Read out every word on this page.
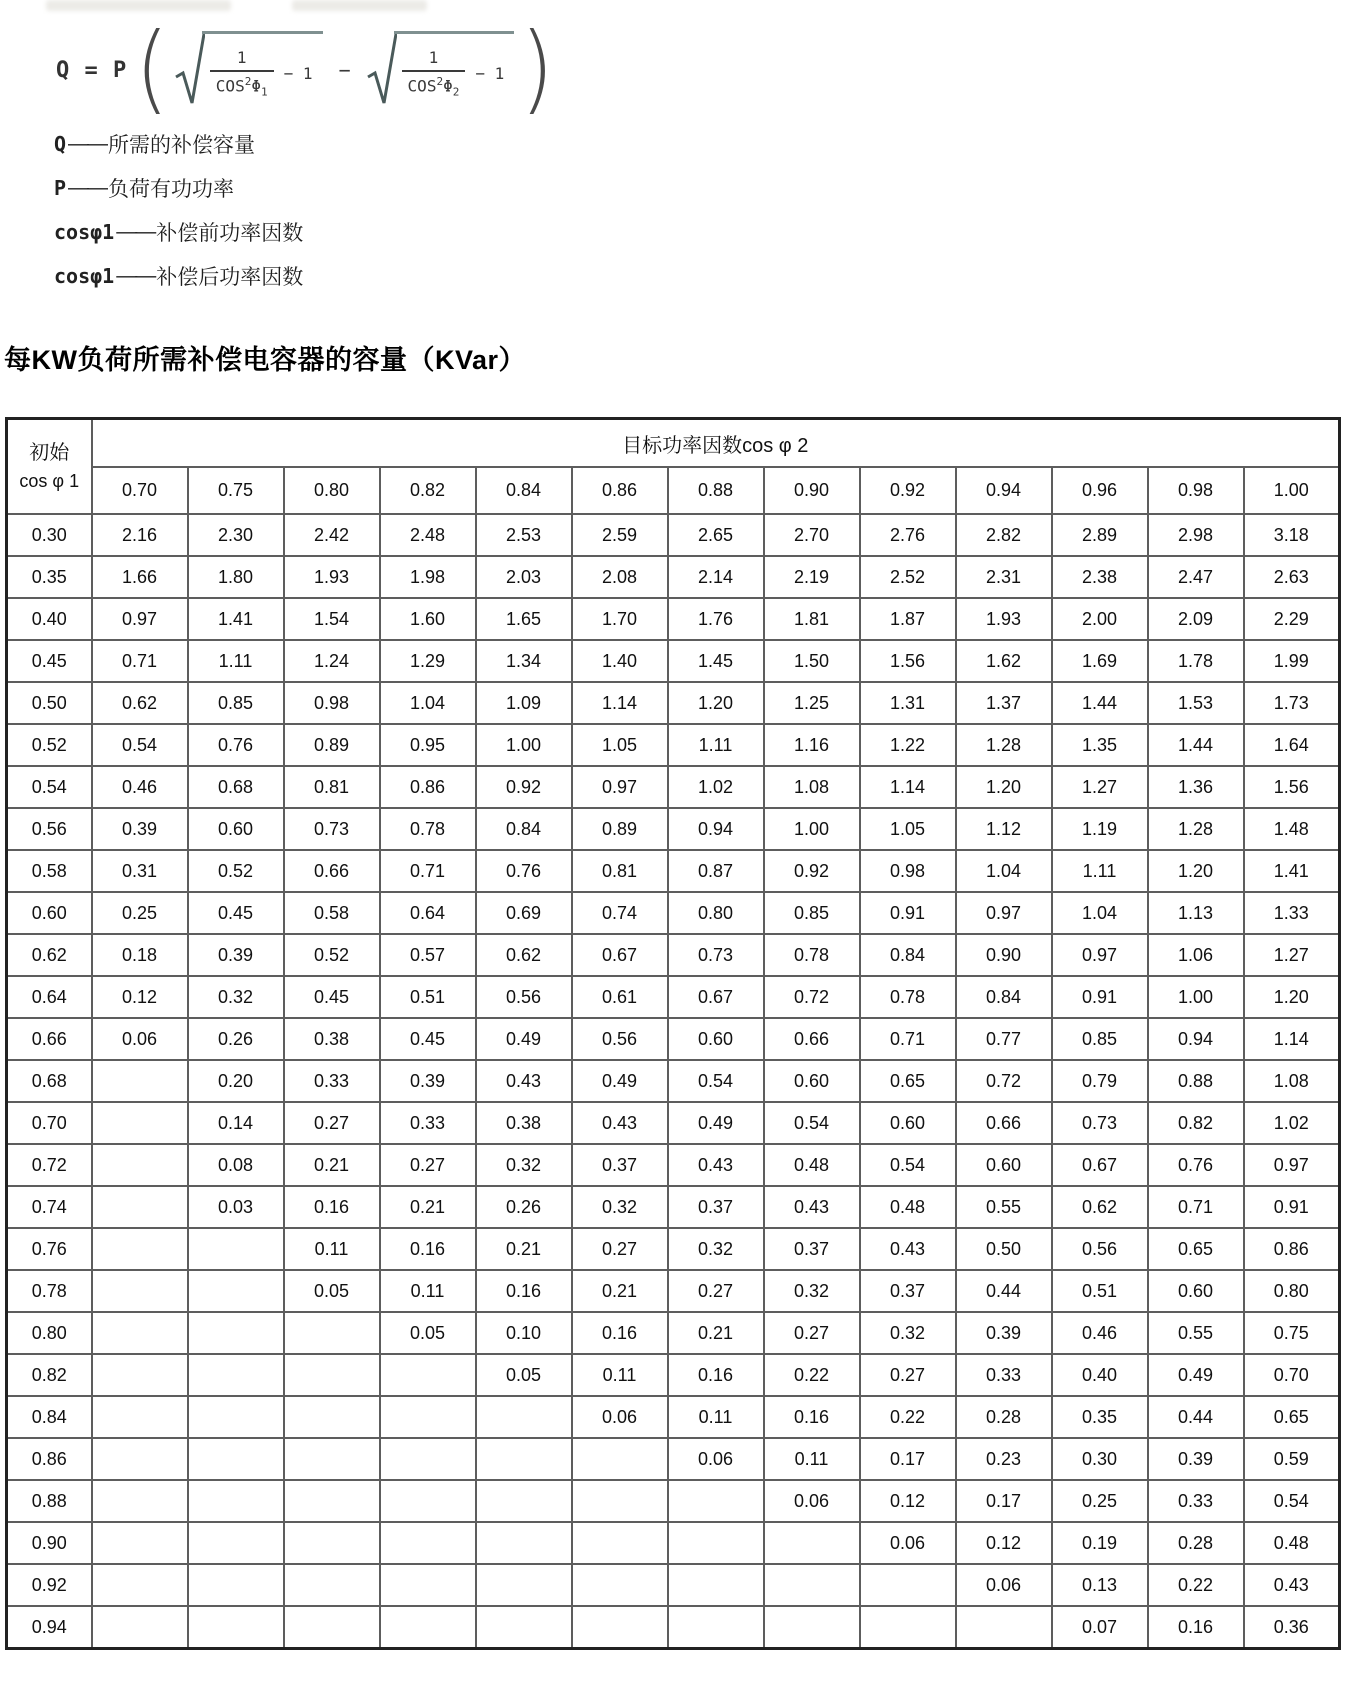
Q = P (	$\frac{1}{COS^2\Phi_1} - 1$ −	$\frac{1}{COS^2\Phi_2} - 1$ )
Q —— 所需的补偿容量
P —— 负荷有功功率
cosφ1 —— 补偿前功率因数
cosφ1 —— 补偿后功率因数
每KW负荷所需补偿电容器的容量（KVar）
初始
cos φ 1	目标功率因数cos φ 2												
	0.70	0.75	0.80	0.82	0.84	0.86	0.88	0.90	0.92	0.94	0.96	0.98	1.00
0.30	2.16	2.30	2.42	2.48	2.53	2.59	2.65	2.70	2.76	2.82	2.89	2.98	3.18
0.35	1.66	1.80	1.93	1.98	2.03	2.08	2.14	2.19	2.52	2.31	2.38	2.47	2.63
0.40	0.97	1.41	1.54	1.60	1.65	1.70	1.76	1.81	1.87	1.93	2.00	2.09	2.29
0.45	0.71	1.11	1.24	1.29	1.34	1.40	1.45	1.50	1.56	1.62	1.69	1.78	1.99
0.50	0.62	0.85	0.98	1.04	1.09	1.14	1.20	1.25	1.31	1.37	1.44	1.53	1.73
0.52	0.54	0.76	0.89	0.95	1.00	1.05	1.11	1.16	1.22	1.28	1.35	1.44	1.64
0.54	0.46	0.68	0.81	0.86	0.92	0.97	1.02	1.08	1.14	1.20	1.27	1.36	1.56
0.56	0.39	0.60	0.73	0.78	0.84	0.89	0.94	1.00	1.05	1.12	1.19	1.28	1.48
0.58	0.31	0.52	0.66	0.71	0.76	0.81	0.87	0.92	0.98	1.04	1.11	1.20	1.41
0.60	0.25	0.45	0.58	0.64	0.69	0.74	0.80	0.85	0.91	0.97	1.04	1.13	1.33
0.62	0.18	0.39	0.52	0.57	0.62	0.67	0.73	0.78	0.84	0.90	0.97	1.06	1.27
0.64	0.12	0.32	0.45	0.51	0.56	0.61	0.67	0.72	0.78	0.84	0.91	1.00	1.20
0.66	0.06	0.26	0.38	0.45	0.49	0.56	0.60	0.66	0.71	0.77	0.85	0.94	1.14
0.68		0.20	0.33	0.39	0.43	0.49	0.54	0.60	0.65	0.72	0.79	0.88	1.08
0.70		0.14	0.27	0.33	0.38	0.43	0.49	0.54	0.60	0.66	0.73	0.82	1.02
0.72		0.08	0.21	0.27	0.32	0.37	0.43	0.48	0.54	0.60	0.67	0.76	0.97
0.74		0.03	0.16	0.21	0.26	0.32	0.37	0.43	0.48	0.55	0.62	0.71	0.91
0.76			0.11	0.16	0.21	0.27	0.32	0.37	0.43	0.50	0.56	0.65	0.86
0.78			0.05	0.11	0.16	0.21	0.27	0.32	0.37	0.44	0.51	0.60	0.80
0.80				0.05	0.10	0.16	0.21	0.27	0.32	0.39	0.46	0.55	0.75
0.82					0.05	0.11	0.16	0.22	0.27	0.33	0.40	0.49	0.70
0.84						0.06	0.11	0.16	0.22	0.28	0.35	0.44	0.65
0.86							0.06	0.11	0.17	0.23	0.30	0.39	0.59
0.88								0.06	0.12	0.17	0.25	0.33	0.54
0.90									0.06	0.12	0.19	0.28	0.48
0.92										0.06	0.13	0.22	0.43
0.94											0.07	0.16	0.36
